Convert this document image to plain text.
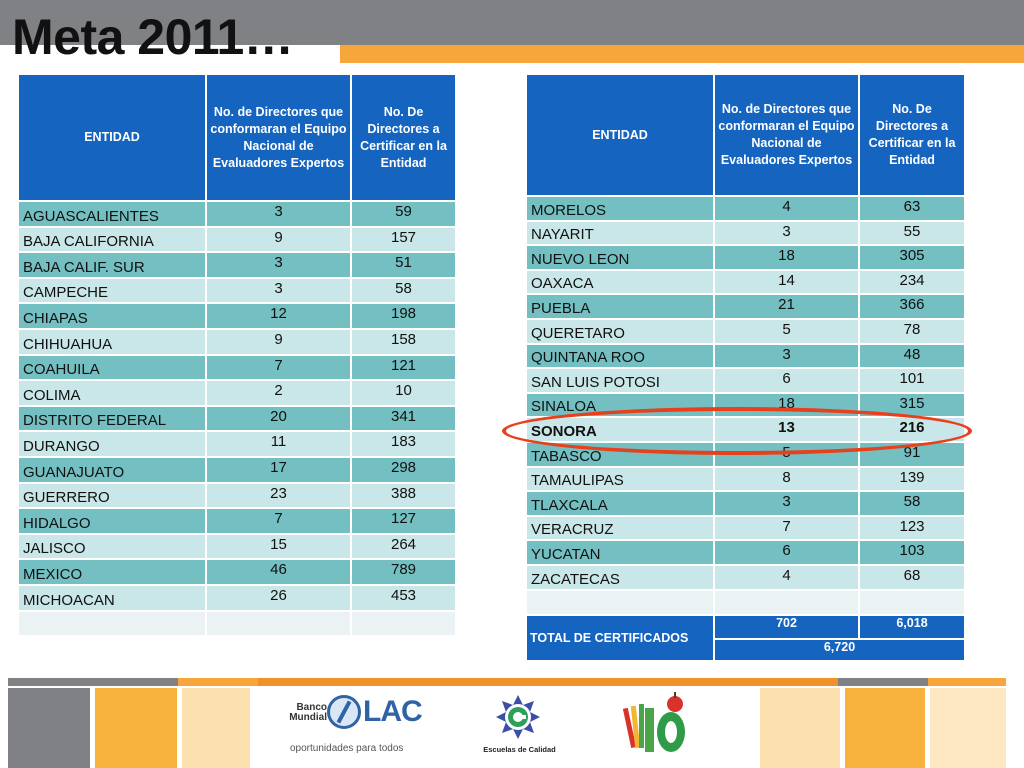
Meta 2011…
ENTIDAD	No. de Directores que conformaran el Equipo Nacional de Evaluadores Expertos	No. De Directores a Certificar en la Entidad
AGUASCALIENTES	3	59
BAJA CALIFORNIA	9	157
BAJA CALIF. SUR	3	51
CAMPECHE	3	58
CHIAPAS	12	198
CHIHUAHUA	9	158
COAHUILA	7	121
COLIMA	2	10
DISTRITO FEDERAL	20	341
DURANGO	11	183
GUANAJUATO	17	298
GUERRERO	23	388
HIDALGO	7	127
JALISCO	15	264
MEXICO	46	789
MICHOACAN	26	453

ENTIDAD	No. de Directores que conformaran el Equipo Nacional de Evaluadores Expertos	No. De Directores a Certificar en la Entidad
MORELOS	4	63
NAYARIT	3	55
NUEVO LEON	18	305
OAXACA	14	234
PUEBLA	21	366
QUERETARO	5	78
QUINTANA ROO	3	48
SAN LUIS POTOSI	6	101
SINALOA	18	315
SONORA	13	216
TABASCO	5	91
TAMAULIPAS	8	139
TLAXCALA	3	58
VERACRUZ	7	123
YUCATAN	6	103
ZACATECAS	4	68

TOTAL DE CERTIFICADOS	702	6,018
	6,720	
Banco Mundial LAC
oportunidades para todos	Escuelas de Calidad
